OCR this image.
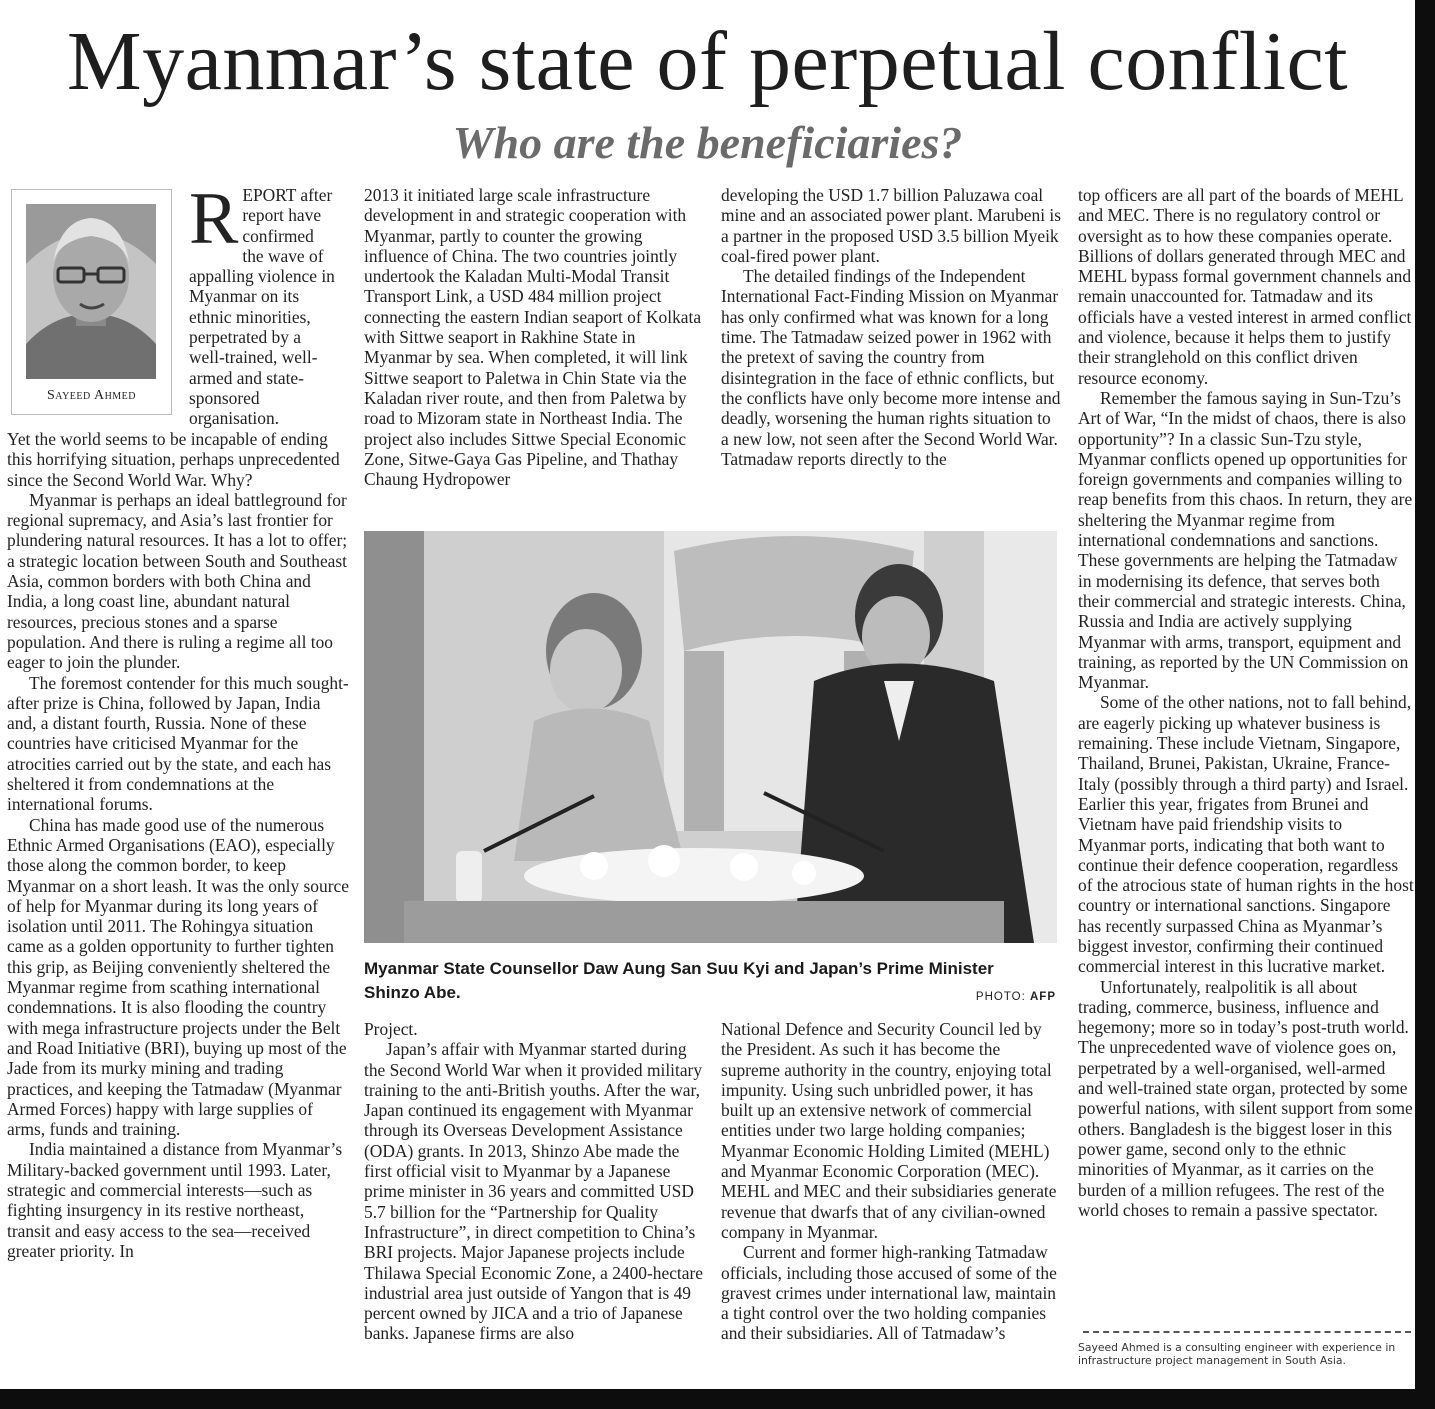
Myanmar’s state of perpetual conflict
Who are the beneficiaries?
Sayeed Ahmed

REPORT after report have confirmed the wave of appalling violence in Myanmar on its ethnic minorities, perpetrated by a well-trained, well-armed and state-sponsored organisation.

Yet the world seems to be incapable of ending this horrifying situation, perhaps unprecedented since the Second World War. Why?

Myanmar is perhaps an ideal battleground for regional supremacy, and Asia’s last frontier for plundering natural resources. It has a lot to offer; a strategic location between South and Southeast Asia, common borders with both China and India, a long coast line, abundant natural resources, precious stones and a sparse population. And there is ruling a regime all too eager to join the plunder.

The foremost contender for this much sought-after prize is China, followed by Japan, India and, a distant fourth, Russia. None of these countries have criticised Myanmar for the atrocities carried out by the state, and each has sheltered it from condemnations at the international forums.

China has made good use of the numerous Ethnic Armed Organisations (EAO), especially those along the common border, to keep Myanmar on a short leash. It was the only source of help for Myanmar during its long years of isolation until 2011. The Rohingya situation came as a golden opportunity to further tighten this grip, as Beijing conveniently sheltered the Myanmar regime from scathing international condemnations. It is also flooding the country with mega infrastructure projects under the Belt and Road Initiative (BRI), buying up most of the Jade from its murky mining and trading practices, and keeping the Tatmadaw (Myanmar Armed Forces) happy with large supplies of arms, funds and training.

India maintained a distance from Myanmar’s Military-backed government until 1993. Later, strategic and commercial interests—such as fighting insurgency in its restive northeast, transit and easy access to the sea—received greater priority. In

2013 it initiated large scale infrastructure development in and strategic cooperation with Myanmar, partly to counter the growing influence of China. The two countries jointly undertook the Kaladan Multi-Modal Transit Transport Link, a USD 484 million project connecting the eastern Indian seaport of Kolkata with Sittwe seaport in Rakhine State in Myanmar by sea. When completed, it will link Sittwe seaport to Paletwa in Chin State via the Kaladan river route, and then from Paletwa by road to Mizoram state in Northeast India. The project also includes Sittwe Special Economic Zone, Sitwe-Gaya Gas Pipeline, and Thathay Chaung Hydropower

developing the USD 1.7 billion Paluzawa coal mine and an associated power plant. Marubeni is a partner in the proposed USD 3.5 billion Myeik coal-fired power plant.

The detailed findings of the Independent International Fact-Finding Mission on Myanmar has only confirmed what was known for a long time. The Tatmadaw seized power in 1962 with the pretext of saving the country from disintegration in the face of ethnic conflicts, but the conflicts have only become more intense and deadly, worsening the human rights situation to a new low, not seen after the Second World War. Tatmadaw reports directly to the

Myanmar State Counsellor Daw Aung San Suu Kyi and Japan’s Prime Minister Shinzo Abe.	PHOTO: AFP

Project.

Japan’s affair with Myanmar started during the Second World War when it provided military training to the anti-British youths. After the war, Japan continued its engagement with Myanmar through its Overseas Development Assistance (ODA) grants. In 2013, Shinzo Abe made the first official visit to Myanmar by a Japanese prime minister in 36 years and committed USD 5.7 billion for the “Partnership for Quality Infrastructure”, in direct competition to China’s BRI projects. Major Japanese projects include Thilawa Special Economic Zone, a 2400-hectare industrial area just outside of Yangon that is 49 percent owned by JICA and a trio of Japanese banks. Japanese firms are also

National Defence and Security Council led by the President. As such it has become the supreme authority in the country, enjoying total impunity. Using such unbridled power, it has built up an extensive network of commercial entities under two large holding companies; Myanmar Economic Holding Limited (MEHL) and Myanmar Economic Corporation (MEC). MEHL and MEC and their subsidiaries generate revenue that dwarfs that of any civilian-owned company in Myanmar.

Current and former high-ranking Tatmadaw officials, including those accused of some of the gravest crimes under international law, maintain a tight control over the two holding companies and their subsidiaries. All of Tatmadaw’s

top officers are all part of the boards of MEHL and MEC. There is no regulatory control or oversight as to how these companies operate. Billions of dollars generated through MEC and MEHL bypass formal government channels and remain unaccounted for. Tatmadaw and its officials have a vested interest in armed conflict and violence, because it helps them to justify their stranglehold on this conflict driven resource economy.

Remember the famous saying in Sun-Tzu’s Art of War, “In the midst of chaos, there is also opportunity”? In a classic Sun-Tzu style, Myanmar conflicts opened up opportunities for foreign governments and companies willing to reap benefits from this chaos. In return, they are sheltering the Myanmar regime from international condemnations and sanctions. These governments are helping the Tatmadaw in modernising its defence, that serves both their commercial and strategic interests. China, Russia and India are actively supplying Myanmar with arms, transport, equipment and training, as reported by the UN Commission on Myanmar.

Some of the other nations, not to fall behind, are eagerly picking up whatever business is remaining. These include Vietnam, Singapore, Thailand, Brunei, Pakistan, Ukraine, France-Italy (possibly through a third party) and Israel. Earlier this year, frigates from Brunei and Vietnam have paid friendship visits to Myanmar ports, indicating that both want to continue their defence cooperation, regardless of the atrocious state of human rights in the host country or international sanctions. Singapore has recently surpassed China as Myanmar’s biggest investor, confirming their continued commercial interest in this lucrative market.

Unfortunately, realpolitik is all about trading, commerce, business, influence and hegemony; more so in today’s post-truth world. The unprecedented wave of violence goes on, perpetrated by a well-organised, well-armed and well-trained state organ, protected by some powerful nations, with silent support from some others. Bangladesh is the biggest loser in this power game, second only to the ethnic minorities of Myanmar, as it carries on the burden of a million refugees. The rest of the world choses to remain a passive spectator.

Sayeed Ahmed is a consulting engineer with experience in infrastructure project management in South Asia.
